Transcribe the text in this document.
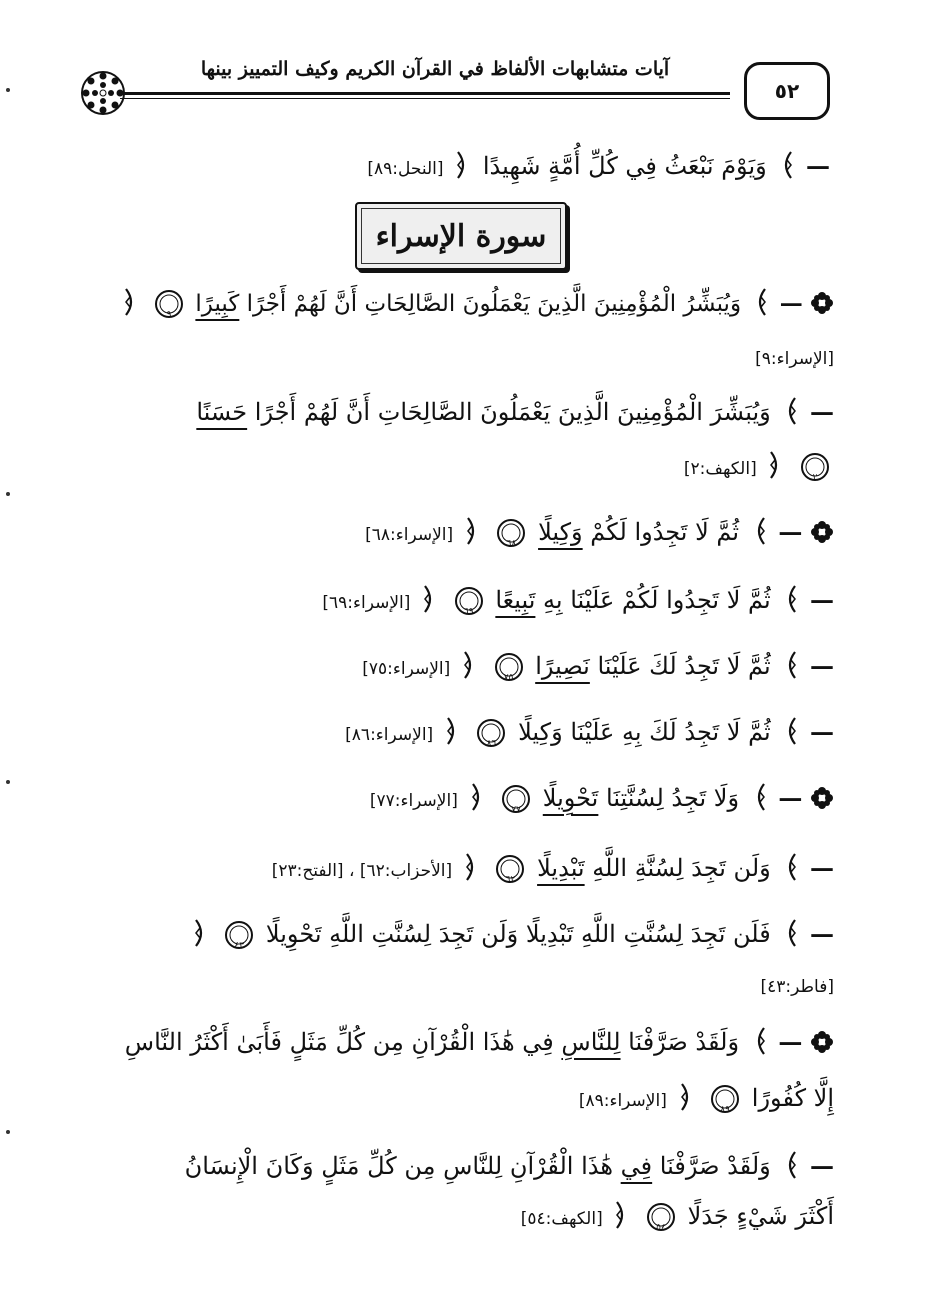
آيات متشابهات الألفاظ في القرآن الكريم وكيف التمييز بينها
٥٢
—  وَيَوْمَ نَبْعَثُ فِي كُلِّ أُمَّةٍ شَهِيدًا  [النحل:٨٩]
سورة الإسراء
—  وَيُبَشِّرُ الْمُؤْمِنِينَ الَّذِينَ يَعْمَلُونَ الصَّالِحَاتِ أَنَّ لَهُمْ أَجْرًا كَبِيرًا
٩

[الإسراء:٩]
—  وَيُبَشِّرَ الْمُؤْمِنِينَ الَّذِينَ يَعْمَلُونَ الصَّالِحَاتِ أَنَّ لَهُمْ أَجْرًا حَسَنًا
٢
[الكهف:٢]
—  ثُمَّ لَا تَجِدُوا لَكُمْ وَكِيلًا
٦٨
[الإسراء:٦٨]
—  ثُمَّ لَا تَجِدُوا لَكُمْ عَلَيْنَا بِهِ تَبِيعًا
٦٩
[الإسراء:٦٩]
—  ثُمَّ لَا تَجِدُ لَكَ عَلَيْنَا نَصِيرًا
٧٥
[الإسراء:٧٥]
—  ثُمَّ لَا تَجِدُ لَكَ بِهِ عَلَيْنَا وَكِيلًا
٨٦
[الإسراء:٨٦]
—  وَلَا تَجِدُ لِسُنَّتِنَا تَحْوِيلًا
٧٧
[الإسراء:٧٧]
—  وَلَن تَجِدَ لِسُنَّةِ اللَّهِ تَبْدِيلًا
٦٢
[الأحزاب:٦٢] ، [الفتح:٢٣]
—  فَلَن تَجِدَ لِسُنَّتِ اللَّهِ تَبْدِيلًا وَلَن تَجِدَ لِسُنَّتِ اللَّهِ تَحْوِيلًا
٤٣

[فاطر:٤٣]
—  وَلَقَدْ صَرَّفْنَا لِلنَّاسِ فِي هَٰذَا الْقُرْآنِ مِن كُلِّ مَثَلٍ فَأَبَىٰ أَكْثَرُ النَّاسِ
إِلَّا كُفُورًا
٨٩
[الإسراء:٨٩]
—  وَلَقَدْ صَرَّفْنَا فِي هَٰذَا الْقُرْآنِ لِلنَّاسِ مِن كُلِّ مَثَلٍ وَكَانَ الْإِنسَانُ
أَكْثَرَ شَيْءٍ جَدَلًا
٥٤
[الكهف:٥٤]
